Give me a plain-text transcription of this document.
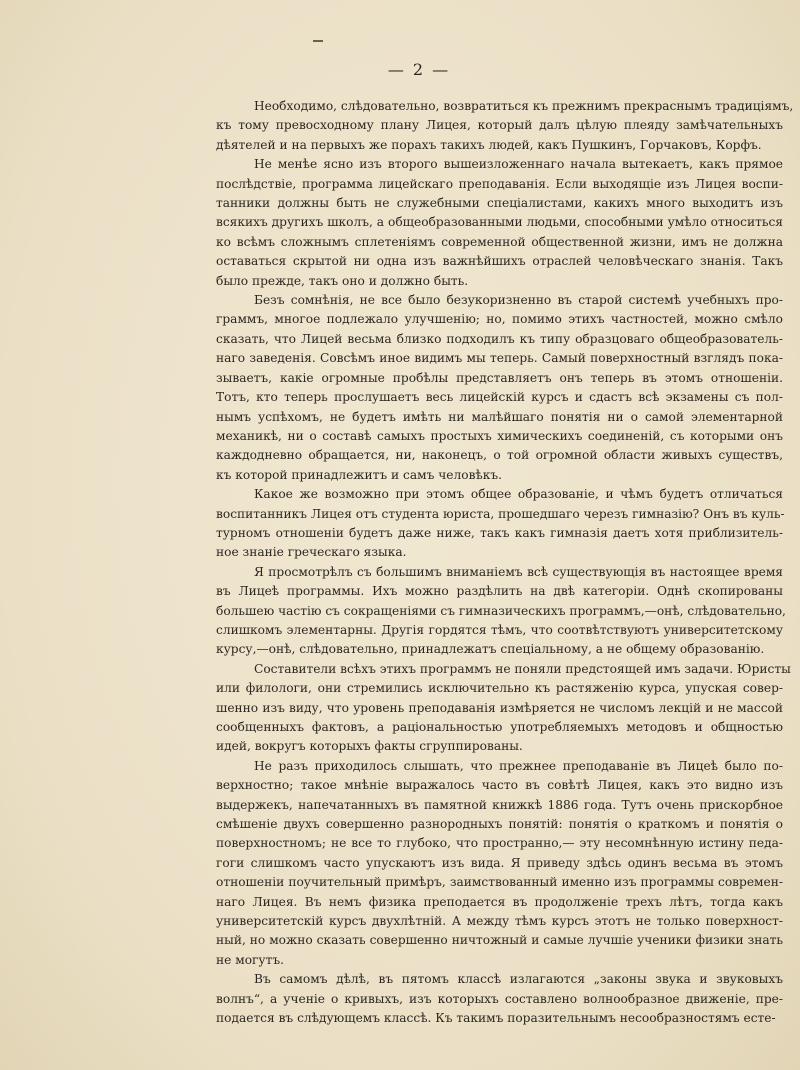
— 2 —
Необходимо, слѣдовательно, возвратиться къ прежнимъ прекраснымъ традиціямъ,
къ тому превосходному плану Лицея, который далъ цѣлую плеяду замѣчательныхъ
дѣятелей и на первыхъ же порахъ такихъ людей, какъ Пушкинъ, Горчаковъ, Корфъ.
Не менѣе ясно изъ второго вышеизложеннаго начала вытекаетъ, какъ прямое
послѣдствіе, программа лицейскаго преподаванія. Если выходящіе изъ Лицея воспи-
танники должны быть не служебными спеціалистами, какихъ много выходитъ изъ
всякихъ другихъ школъ, а общеобразованными людьми, способными умѣло относиться
ко всѣмъ сложнымъ сплетеніямъ современной общественной жизни, имъ не должна
оставаться скрытой ни одна изъ важнѣйшихъ отраслей человѣческаго знанія. Такъ
было прежде, такъ оно и должно быть.
Безъ сомнѣнія, не все было безукоризненно въ старой системѣ учебныхъ про-
граммъ, многое подлежало улучшенію; но, помимо этихъ частностей, можно смѣло
сказать, что Лицей весьма близко подходилъ къ типу образцоваго общеобразователь-
наго заведенія. Совсѣмъ иное видимъ мы теперь. Самый поверхностный взглядъ пока-
зываетъ, какіе огромные пробѣлы представляетъ онъ теперь въ этомъ отношеніи.
Тотъ, кто теперь прослушаетъ весь лицейскій курсъ и сдастъ всѣ экзамены съ пол-
нымъ успѣхомъ, не будетъ имѣть ни малѣйшаго понятія ни о самой элементарной
механикѣ, ни о составѣ самыхъ простыхъ химическихъ соединеній, съ которыми онъ
каждодневно обращается, ни, наконецъ, о той огромной области живыхъ существъ,
къ которой принадлежитъ и самъ человѣкъ.
Какое же возможно при этомъ общее образованіе, и чѣмъ будетъ отличаться
воспитанникъ Лицея отъ студента юриста, прошедшаго черезъ гимназію? Онъ въ куль-
турномъ отношеніи будетъ даже ниже, такъ какъ гимназія даетъ хотя приблизитель-
ное знаніе греческаго языка.
Я просмотрѣлъ съ большимъ вниманіемъ всѣ существующія въ настоящее время
въ Лицеѣ программы. Ихъ можно раздѣлить на двѣ категоріи. Однѣ скопированы
большею частію съ сокращеніями съ гимназическихъ программъ,—онѣ, слѣдовательно,
слишкомъ элементарны. Другія гордятся тѣмъ, что соотвѣтствуютъ университетскому
курсу,—онѣ, слѣдовательно, принадлежатъ спеціальному, а не общему образованію.
Составители всѣхъ этихъ программъ не поняли предстоящей имъ задачи. Юристы
или филологи, они стремились исключительно къ растяженію курса, упуская совер-
шенно изъ виду, что уровень преподаванія измѣряется не числомъ лекцій и не массой
сообщенныхъ фактовъ, а раціональностью употребляемыхъ методовъ и общностью
идей, вокругъ которыхъ факты сгруппированы.
Не разъ приходилось слышать, что прежнее преподаваніе въ Лицеѣ было по-
верхностно; такое мнѣніе выражалось часто въ совѣтѣ Лицея, какъ это видно изъ
выдержекъ, напечатанныхъ въ памятной книжкѣ 1886 года. Тутъ очень прискорбное
смѣшеніе двухъ совершенно разнородныхъ понятій: понятія о краткомъ и понятія о
поверхностномъ; не все то глубоко, что пространно,— эту несомнѣнную истину педа-
гоги слишкомъ часто упускаютъ изъ вида. Я приведу здѣсь одинъ весьма въ этомъ
отношеніи поучительный примѣръ, заимствованный именно изъ программы современ-
наго Лицея. Въ немъ физика преподается въ продолженіе трехъ лѣтъ, тогда какъ
университетскій курсъ двухлѣтній. А между тѣмъ курсъ этотъ не только поверхност-
ный, но можно сказать совершенно ничтожный и самые лучшіе ученики физики знать
не могутъ.
Въ самомъ дѣлѣ, въ пятомъ классѣ излагаются „законы звука и звуковыхъ
волнъ“, а ученіе о кривыхъ, изъ которыхъ составлено волнообразное движеніе, пре-
подается въ слѣдующемъ классѣ. Къ такимъ поразительнымъ несообразностямъ есте-
